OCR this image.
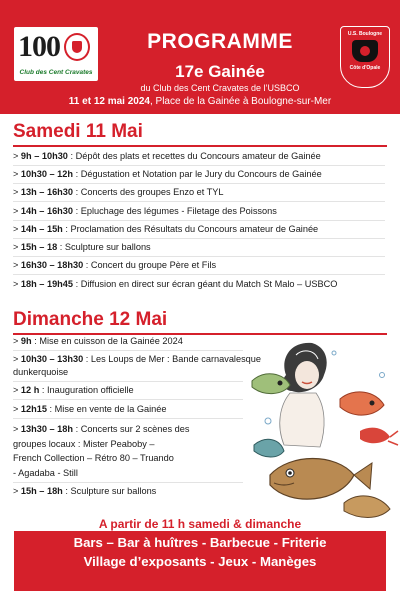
100
Club des Cent Cravates
PROGRAMME
17e Gainée
du Club des Cent Cravates de l’USBCO
11 et 12 mai 2024, Place de la Gainée à Boulogne-sur-Mer
U.S. Boulogne
Côte d'Opale
Samedi 11 Mai
> 9h – 10h30 : Dépôt des plats et recettes du Concours amateur de Gainée
> 10h30 – 12h : Dégustation et Notation par le Jury du Concours de Gainée
> 13h – 16h30 : Concerts des groupes Enzo et TYL
> 14h – 16h30 : Epluchage des légumes - Filetage des Poissons
> 14h – 15h : Proclamation des Résultats du Concours amateur de Gainée
> 15h – 18 : Sculpture sur ballons
> 16h30 – 18h30 : Concert du groupe Père et Fils
> 18h – 19h45 : Diffusion en direct sur écran géant du Match St Malo – USBCO
Dimanche 12 Mai
> 9h : Mise en cuisson de la Gainée 2024
> 10h30 – 13h30 : Les Loups de Mer : Bande carnavalesque
dunkerquoise
> 12 h : Inauguration officielle
> 12h15 : Mise en vente de la Gainée
> 13h30 – 18h : Concerts sur 2 scènes des
groupes locaux : Mister Peaboby –
French Collection – Rétro 80 – Truando
- Agadaba - Still
> 15h – 18h : Sculpture sur ballons
A partir de 11 h samedi & dimanche
Bars – Bar à huîtres - Barbecue - Friterie
Village d’exposants - Jeux - Manèges
